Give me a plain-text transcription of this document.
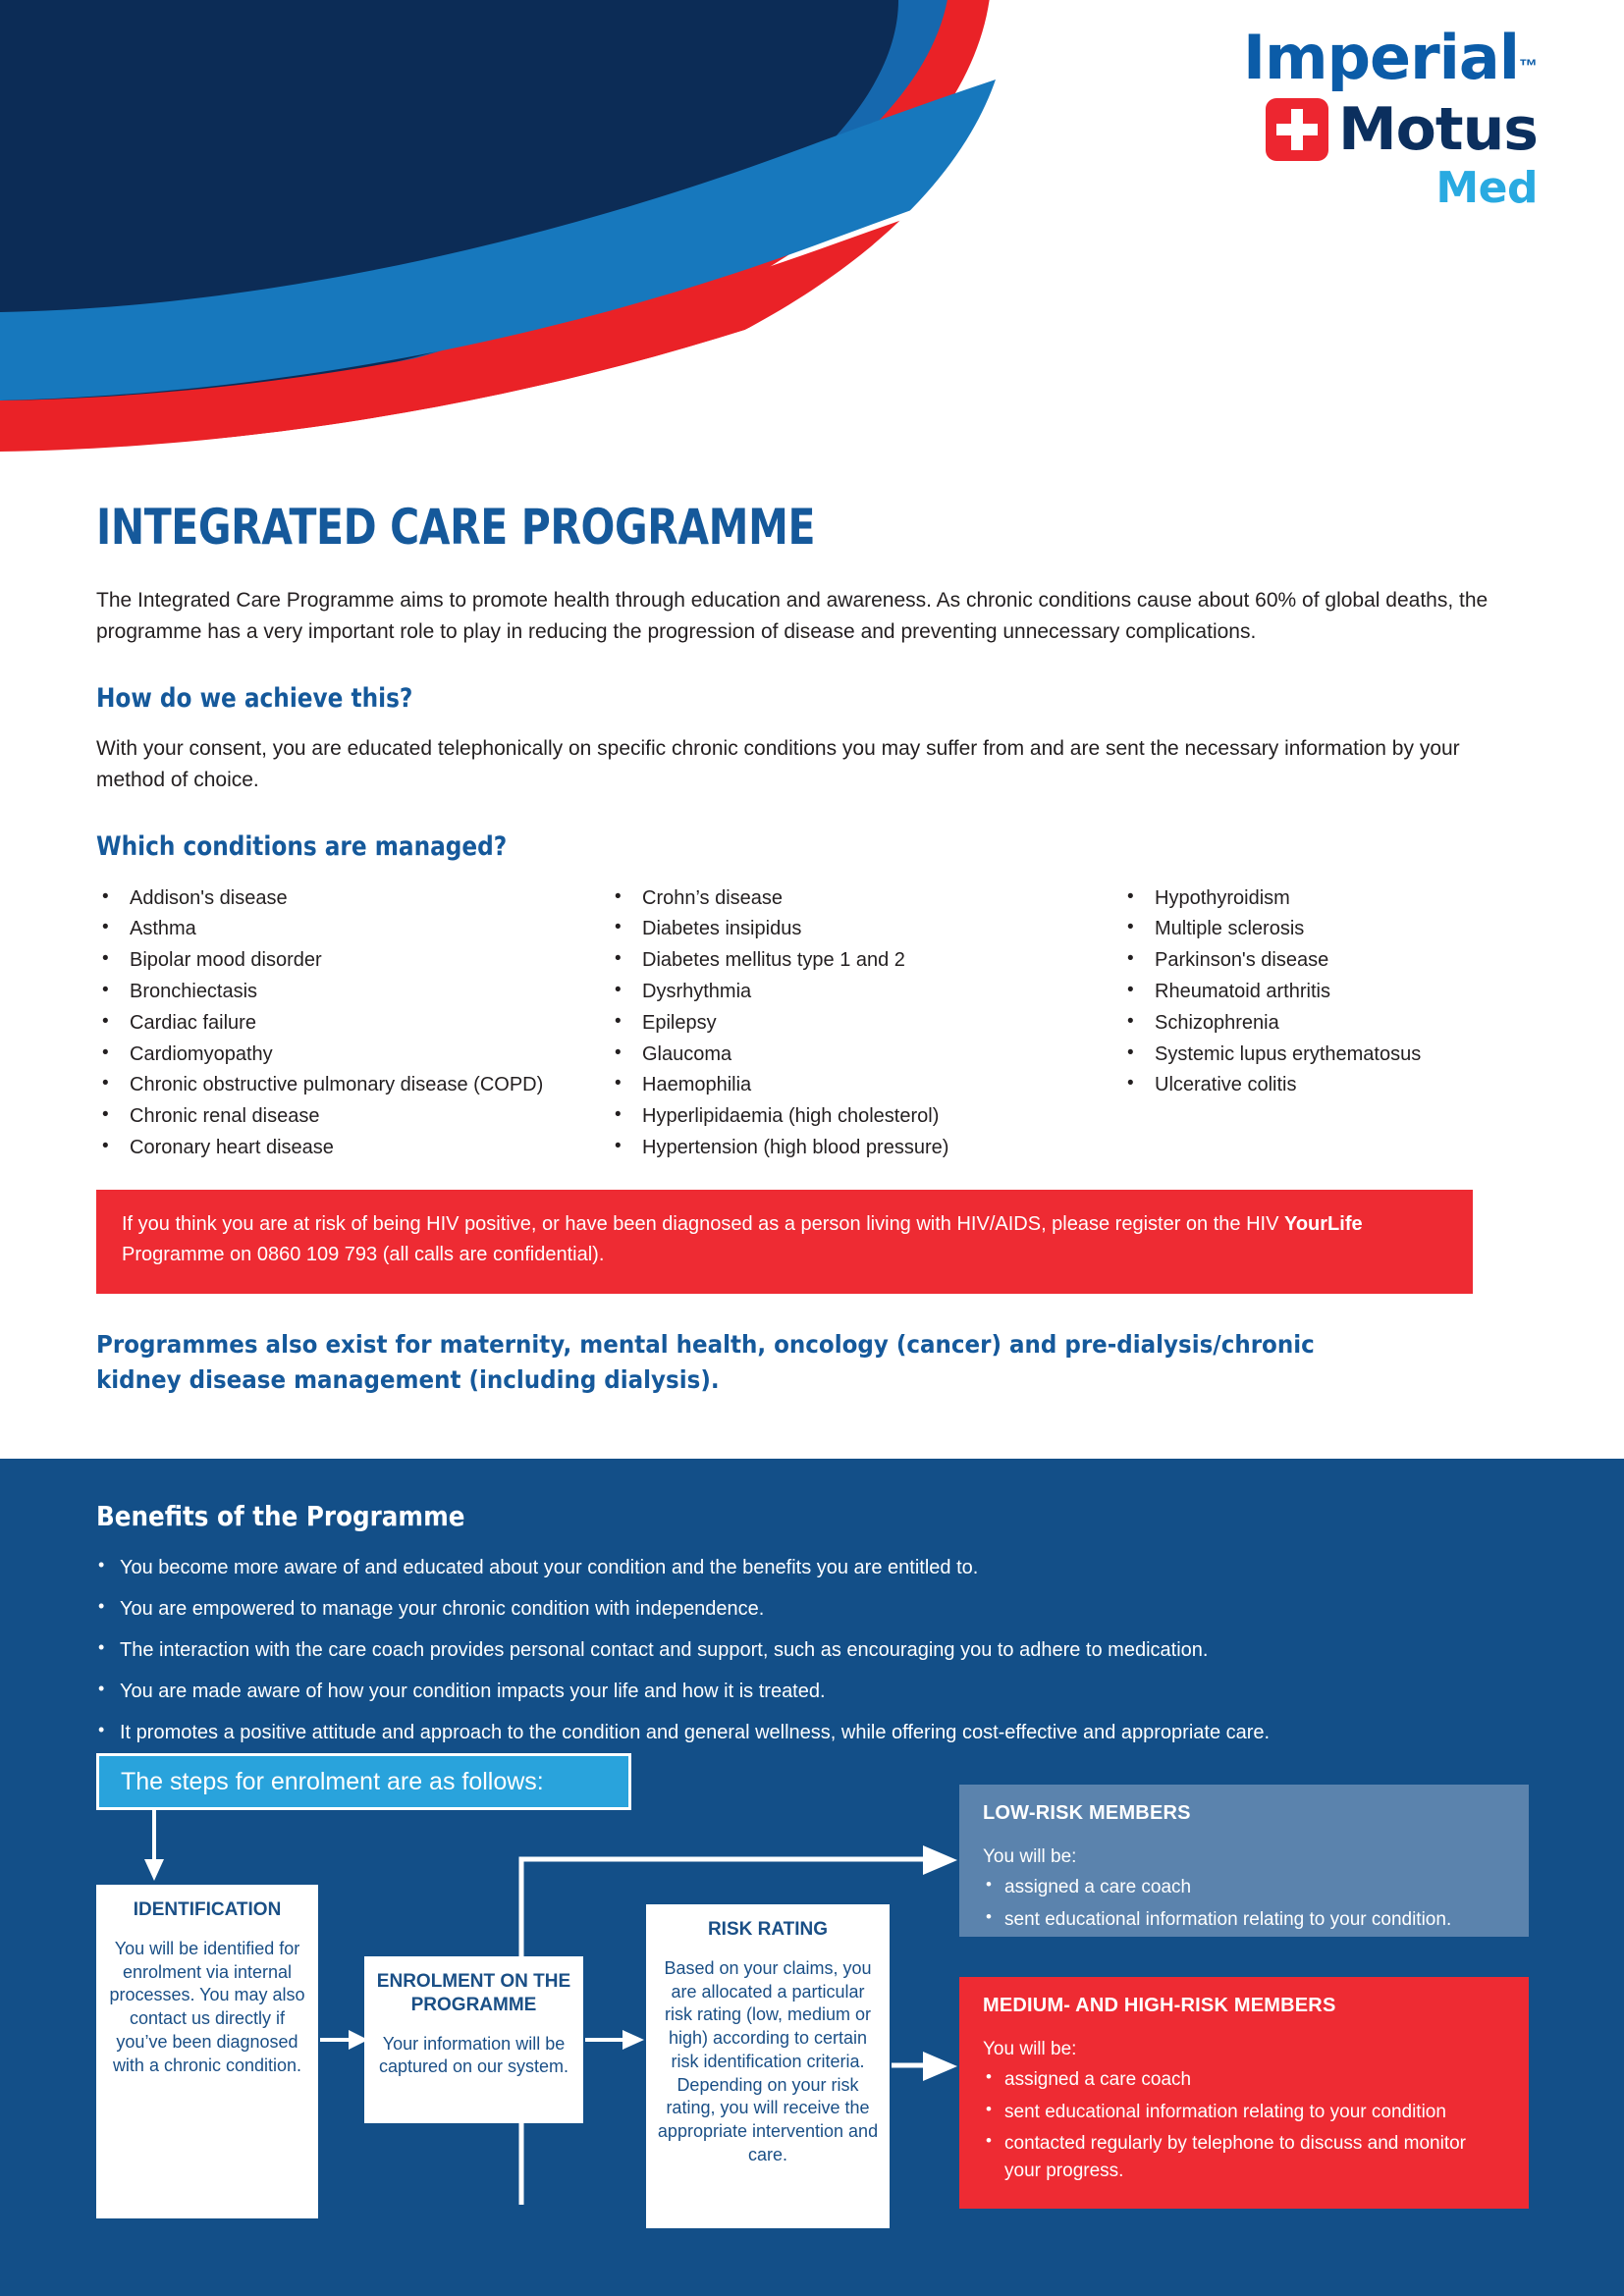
Imperial™
Motus
Med
INTEGRATED CARE PROGRAMME

The Integrated Care Programme aims to promote health through education and awareness. As chronic conditions cause about 60% of global deaths, the programme has a very important role to play in reducing the progression of disease and preventing unnecessary complications.

How do we achieve this?

With your consent, you are educated telephonically on specific chronic conditions you may suffer from and are sent the necessary information by your method of choice.

Which conditions are managed?
• Addison's disease
• Asthma
• Bipolar mood disorder
• Bronchiectasis
• Cardiac failure
• Cardiomyopathy
• Chronic obstructive pulmonary disease (COPD)
• Chronic renal disease
• Coronary heart disease
• Crohn’s disease
• Diabetes insipidus
• Diabetes mellitus type 1 and 2
• Dysrhythmia
• Epilepsy
• Glaucoma
• Haemophilia
• Hyperlipidaemia (high cholesterol)
• Hypertension (high blood pressure)
• Hypothyroidism
• Multiple sclerosis
• Parkinson's disease
• Rheumatoid arthritis
• Schizophrenia
• Systemic lupus erythematosus
• Ulcerative colitis

If you think you are at risk of being HIV positive, or have been diagnosed as a person living with HIV/AIDS, please register on the HIV YourLife Programme on 0860 109 793 (all calls are confidential).

Programmes also exist for maternity, mental health, oncology (cancer) and pre-dialysis/chronic kidney disease management (including dialysis).
Benefits of the Programme
• You become more aware of and educated about your condition and the benefits you are entitled to.
• You are empowered to manage your chronic condition with independence.
• The interaction with the care coach provides personal contact and support, such as encouraging you to adhere to medication.
• You are made aware of how your condition impacts your life and how it is treated.
• It promotes a positive attitude and approach to the condition and general wellness, while offering cost-effective and appropriate care.
The steps for enrolment are as follows:
IDENTIFICATION
You will be identified for enrolment via internal processes. You may also contact us directly if you’ve been diagnosed with a chronic condition.
ENROLMENT ON THE PROGRAMME
Your information will be captured on our system.
RISK RATING
Based on your claims, you are allocated a particular risk rating (low, medium or high) according to certain risk identification criteria. Depending on your risk rating, you will receive the appropriate intervention and care.
LOW-RISK MEMBERS
You will be:
• assigned a care coach
• sent educational information relating to your condition.
MEDIUM- AND HIGH-RISK MEMBERS
You will be:
• assigned a care coach
• sent educational information relating to your condition
• contacted regularly by telephone to discuss and monitor your progress.
